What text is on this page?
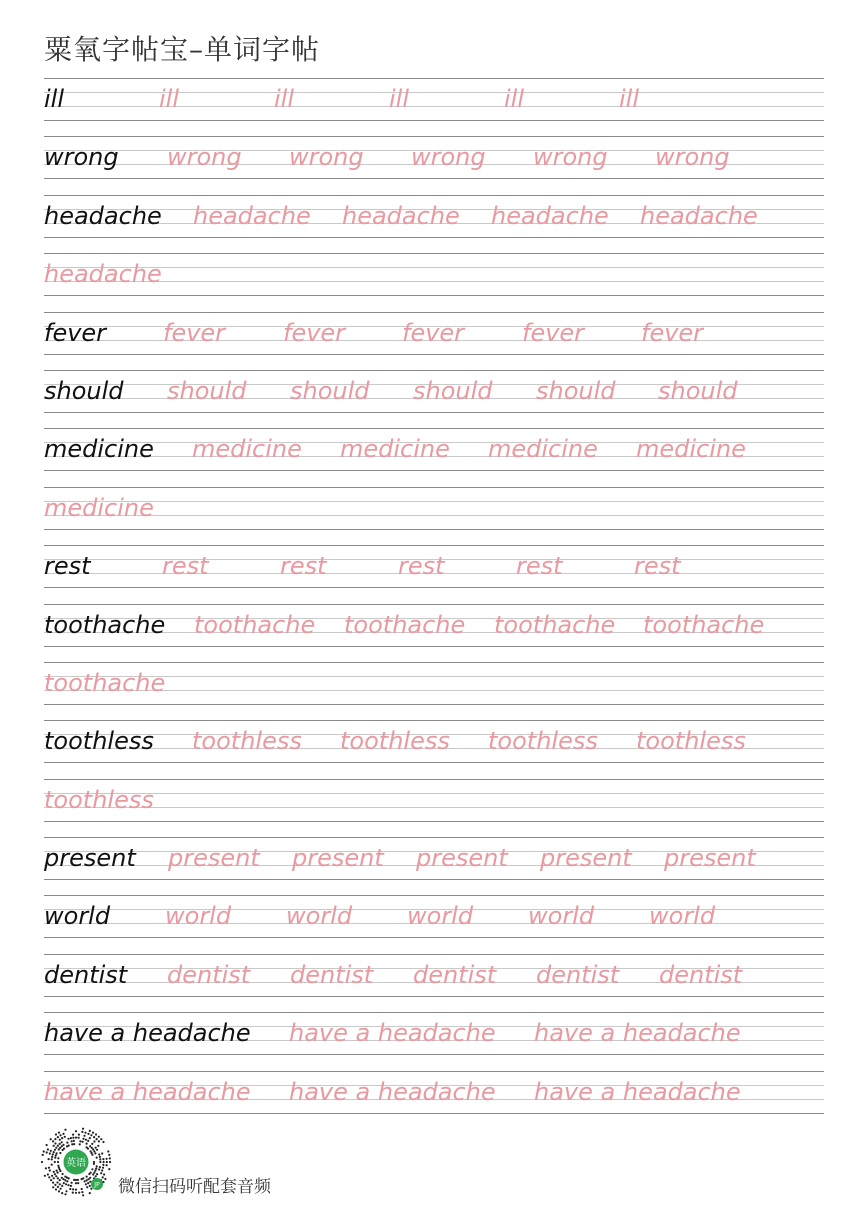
粟氧字帖宝–单词字帖
ill	ill	ill	ill	ill	ill
wrong wrong wrong wrong wrong wrong
headache headache headache headache headache
headache
fever fever fever fever fever fever
should should should should should should
medicine medicine medicine medicine medicine
medicine
rest	rest	rest	rest	rest	rest
toothache toothache toothache toothache toothache
toothache
toothless toothless toothless toothless toothless
toothless
present present present present present present
world world world world world world
dentist dentist dentist dentist dentist dentist
have a headache have a headache have a headache
have a headache have a headache have a headache
英语
JP 微信扫码听配套音频
